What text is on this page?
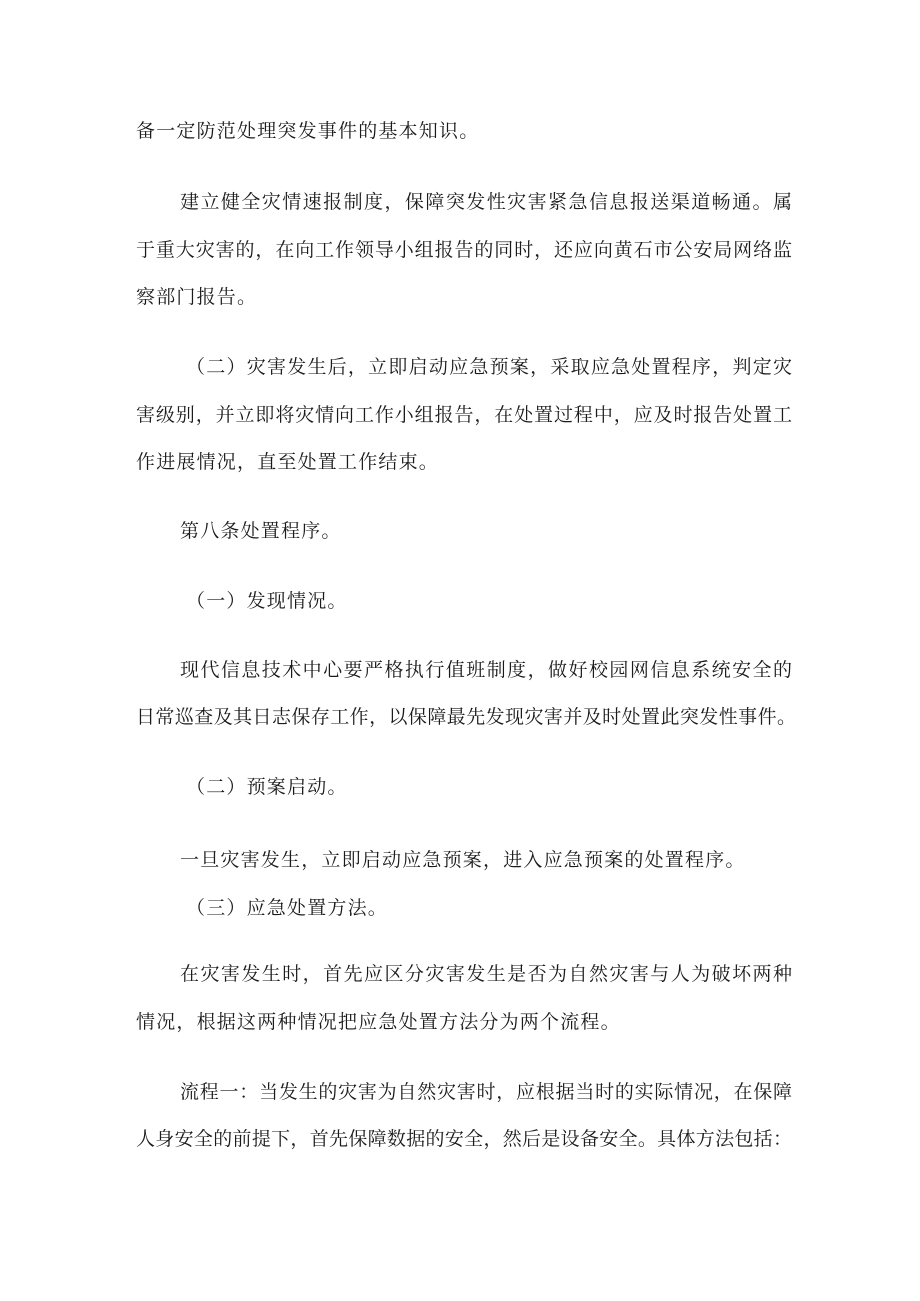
备一定防范处理突发事件的基本知识。
建立健全灾情速报制度，保障突发性灾害紧急信息报送渠道畅通。属
于重大灾害的，在向工作领导小组报告的同时，还应向黄石市公安局网络监
察部门报告。
（二）灾害发生后，立即启动应急预案，采取应急处置程序，判定灾
害级别，并立即将灾情向工作小组报告，在处置过程中，应及时报告处置工
作进展情况，直至处置工作结束。
第八条处置程序。
（一）发现情况。
现代信息技术中心要严格执行值班制度，做好校园网信息系统安全的
日常巡查及其日志保存工作，以保障最先发现灾害并及时处置此突发性事件。
（二）预案启动。
一旦灾害发生，立即启动应急预案，进入应急预案的处置程序。
（三）应急处置方法。
在灾害发生时，首先应区分灾害发生是否为自然灾害与人为破坏两种
情况，根据这两种情况把应急处置方法分为两个流程。
流程一：当发生的灾害为自然灾害时，应根据当时的实际情况，在保障
人身安全的前提下，首先保障数据的安全，然后是设备安全。具体方法包括：
